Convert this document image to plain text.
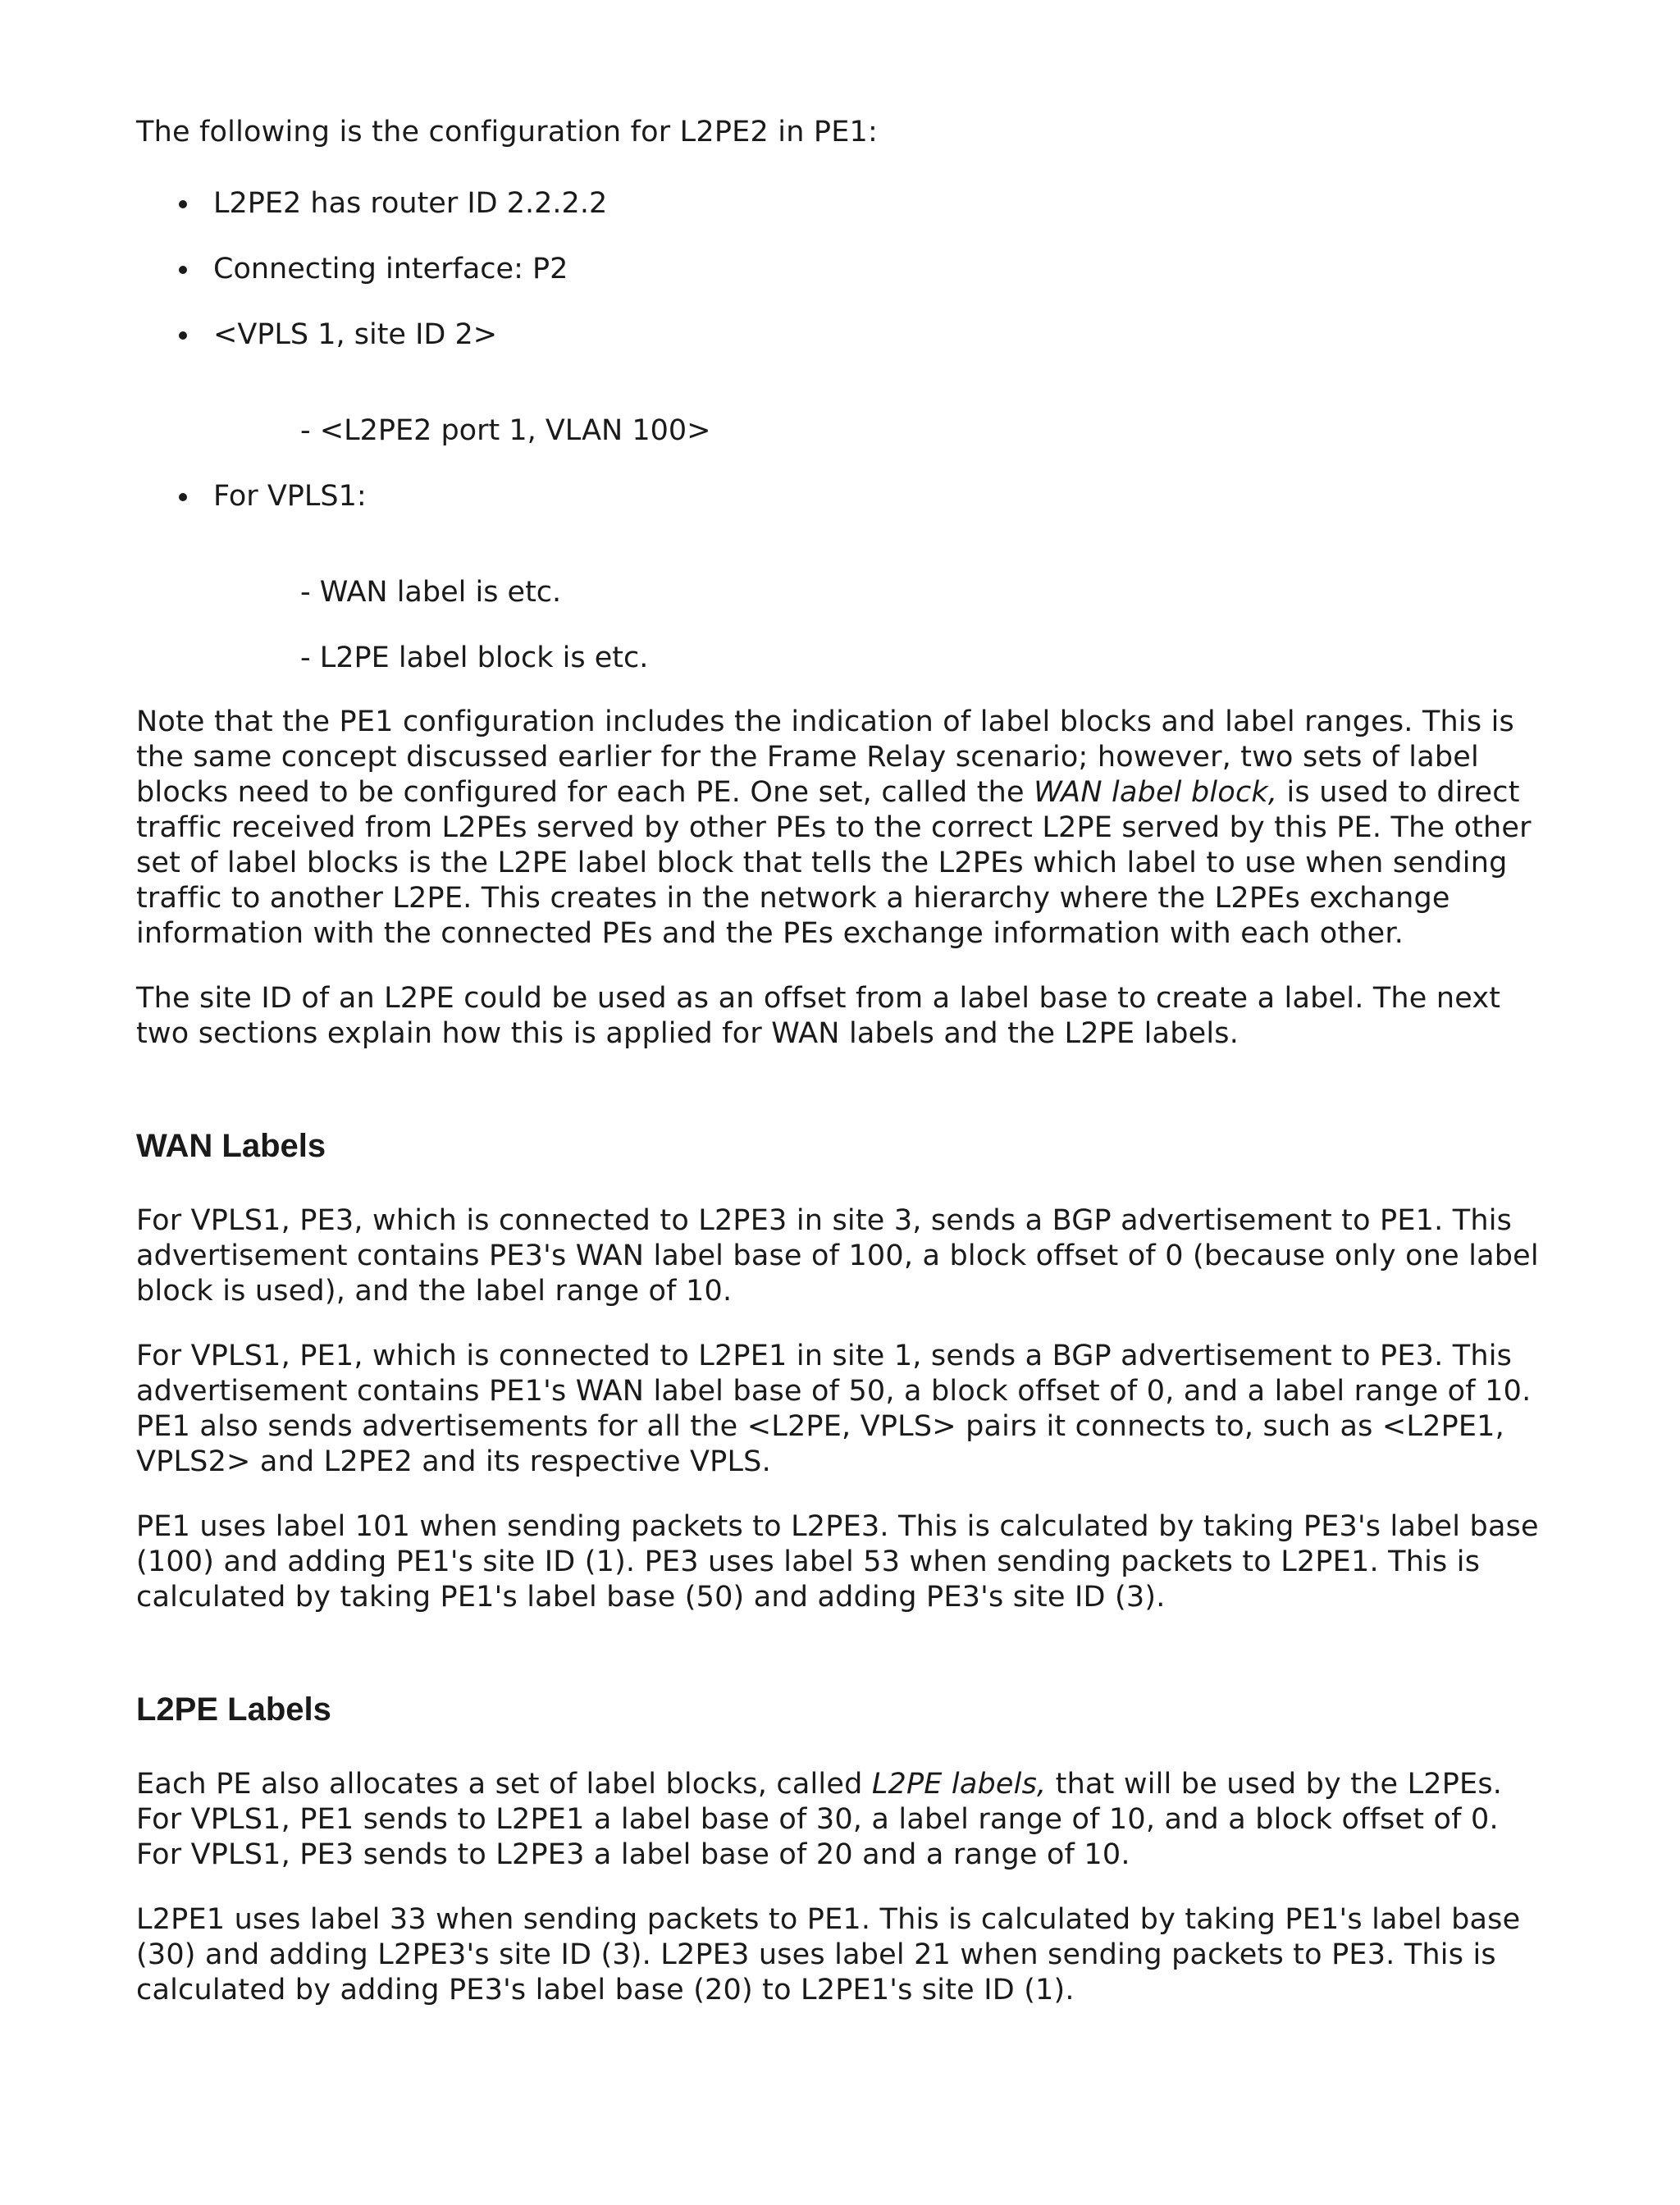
The following is the configuration for L2PE2 in PE1:

L2PE2 has router ID 2.2.2.2
Connecting interface: P2
<VPLS 1, site ID 2>
- <L2PE2 port 1, VLAN 100>
For VPLS1:
- WAN label is etc.
- L2PE label block is etc.

Note that the PE1 configuration includes the indication of label blocks and label ranges. This is
the same concept discussed earlier for the Frame Relay scenario; however, two sets of label
blocks need to be configured for each PE. One set, called the WAN label block, is used to direct
traffic received from L2PEs served by other PEs to the correct L2PE served by this PE. The other
set of label blocks is the L2PE label block that tells the L2PEs which label to use when sending
traffic to another L2PE. This creates in the network a hierarchy where the L2PEs exchange
information with the connected PEs and the PEs exchange information with each other.

The site ID of an L2PE could be used as an offset from a label base to create a label. The next
two sections explain how this is applied for WAN labels and the L2PE labels.

WAN Labels

For VPLS1, PE3, which is connected to L2PE3 in site 3, sends a BGP advertisement to PE1. This
advertisement contains PE3's WAN label base of 100, a block offset of 0 (because only one label
block is used), and the label range of 10.

For VPLS1, PE1, which is connected to L2PE1 in site 1, sends a BGP advertisement to PE3. This
advertisement contains PE1's WAN label base of 50, a block offset of 0, and a label range of 10.
PE1 also sends advertisements for all the <L2PE, VPLS> pairs it connects to, such as <L2PE1,
VPLS2> and L2PE2 and its respective VPLS.

PE1 uses label 101 when sending packets to L2PE3. This is calculated by taking PE3's label base
(100) and adding PE1's site ID (1). PE3 uses label 53 when sending packets to L2PE1. This is
calculated by taking PE1's label base (50) and adding PE3's site ID (3).

L2PE Labels

Each PE also allocates a set of label blocks, called L2PE labels, that will be used by the L2PEs.
For VPLS1, PE1 sends to L2PE1 a label base of 30, a label range of 10, and a block offset of 0.
For VPLS1, PE3 sends to L2PE3 a label base of 20 and a range of 10.

L2PE1 uses label 33 when sending packets to PE1. This is calculated by taking PE1's label base
(30) and adding L2PE3's site ID (3). L2PE3 uses label 21 when sending packets to PE3. This is
calculated by adding PE3's label base (20) to L2PE1's site ID (1).
